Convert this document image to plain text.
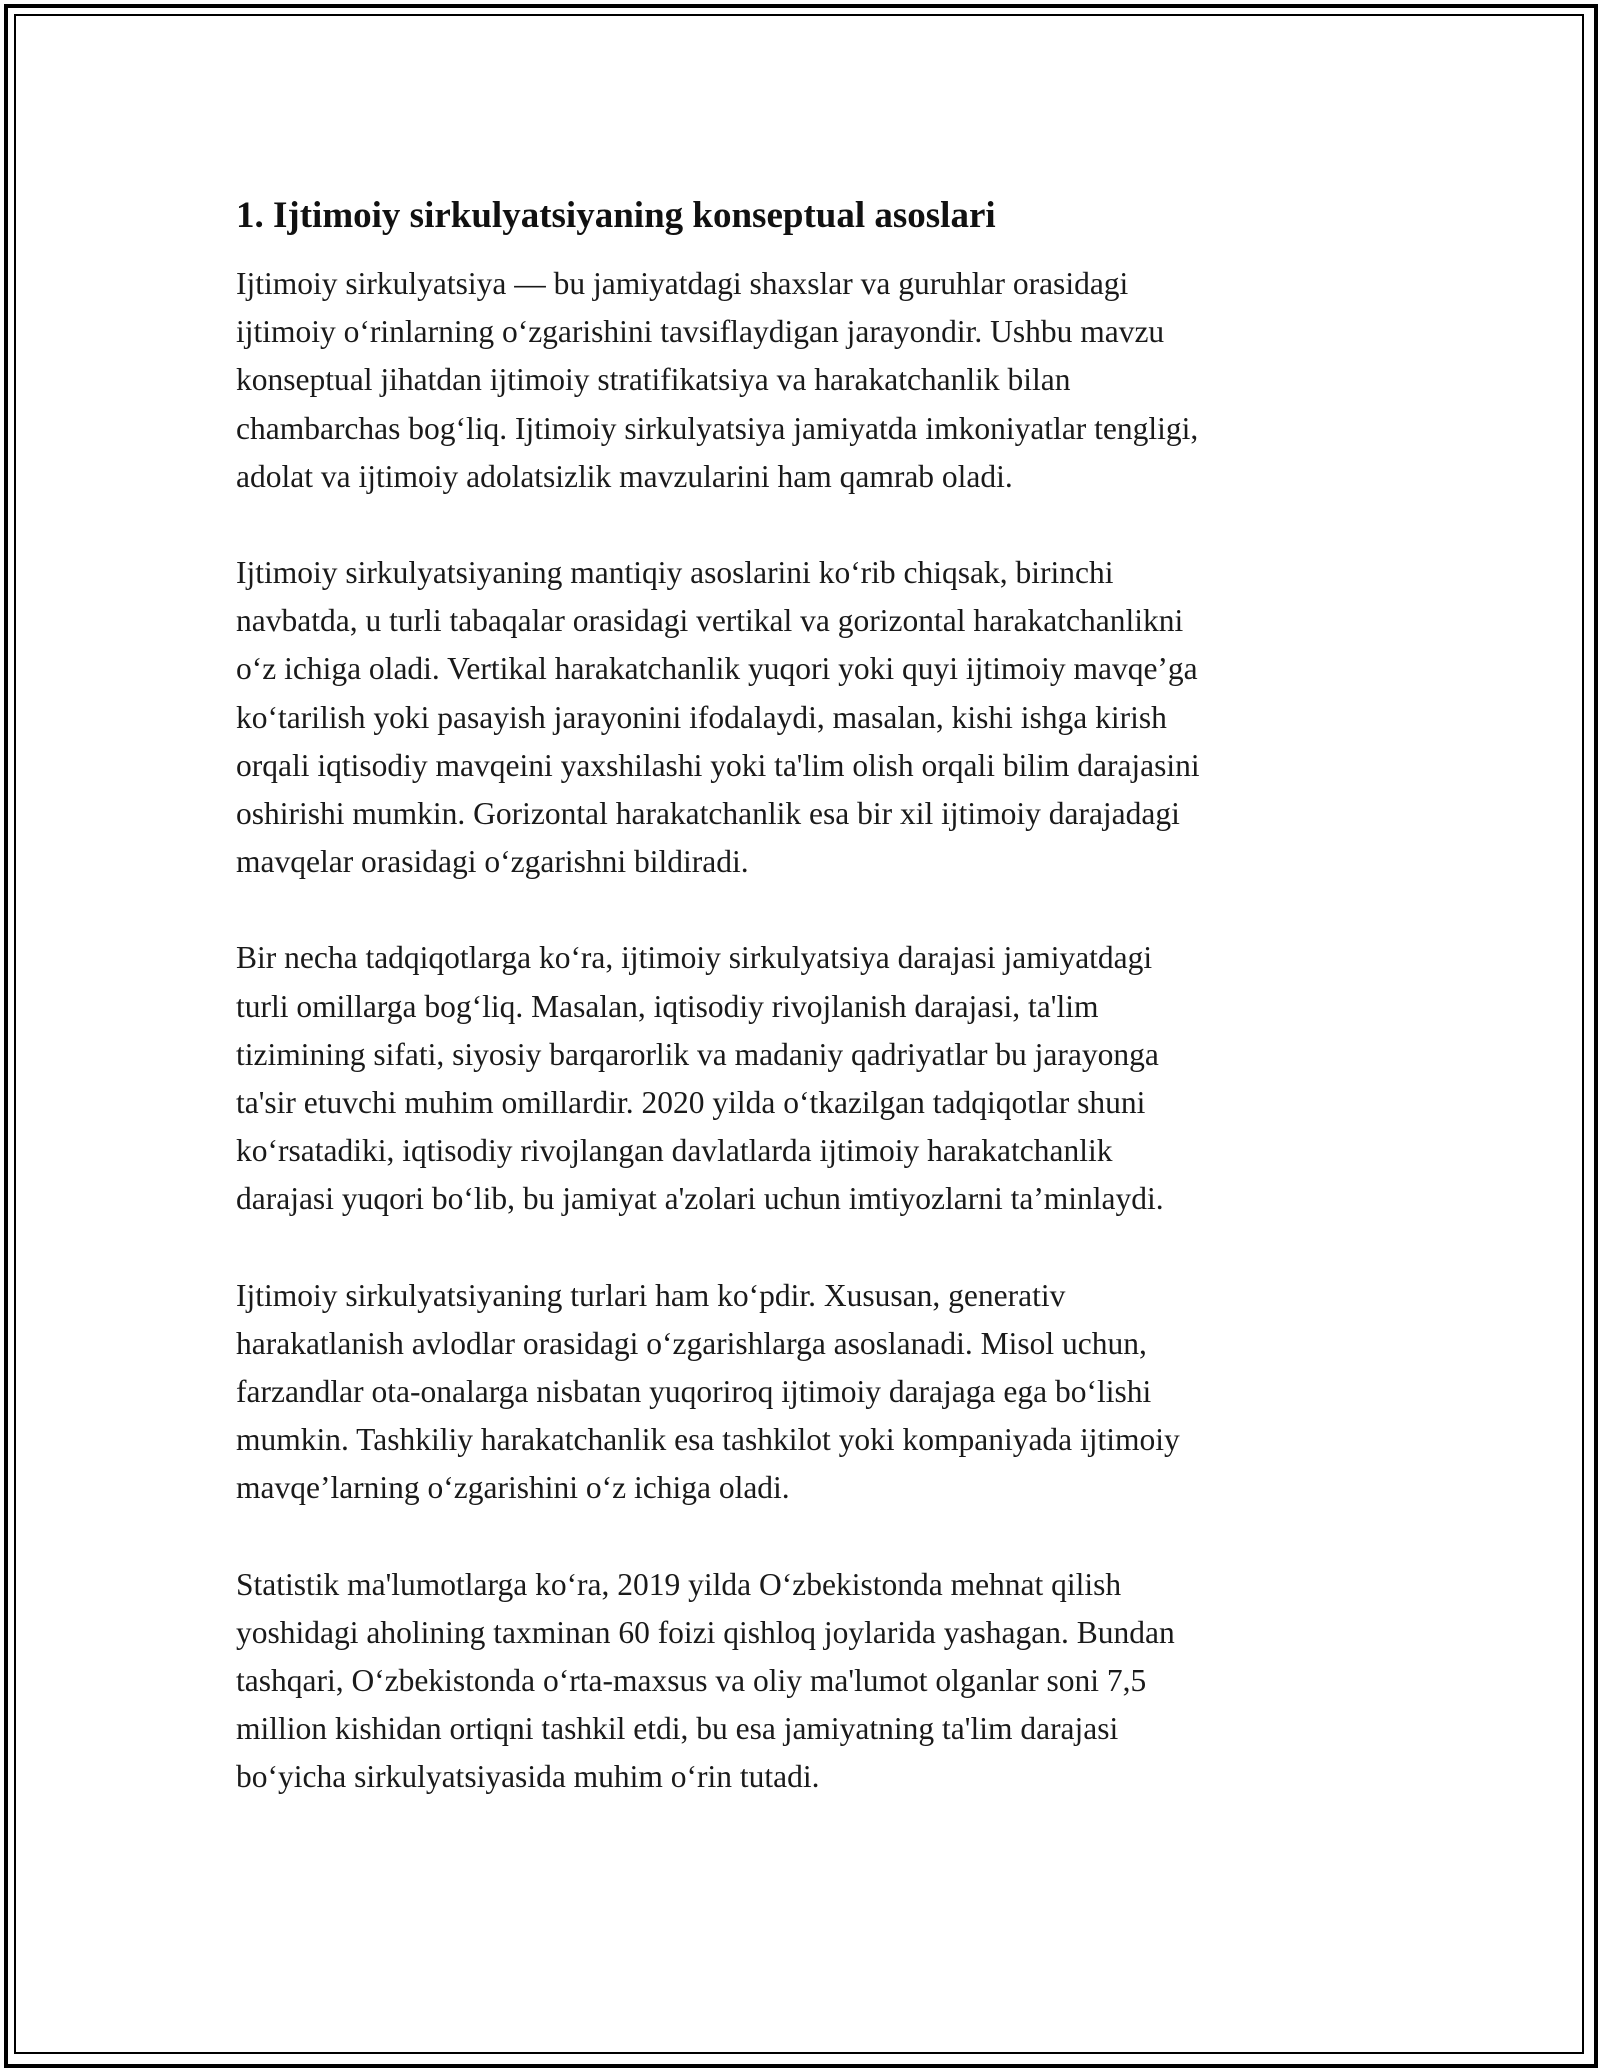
1. Ijtimoiy sirkulyatsiyaning konseptual asoslari

Ijtimoiy sirkulyatsiya — bu jamiyatdagi shaxslar va guruhlar orasidagi
ijtimoiy o‘rinlarning o‘zgarishini tavsiflaydigan jarayondir. Ushbu mavzu
konseptual jihatdan ijtimoiy stratifikatsiya va harakatchanlik bilan
chambarchas bog‘liq. Ijtimoiy sirkulyatsiya jamiyatda imkoniyatlar tengligi,
adolat va ijtimoiy adolatsizlik mavzularini ham qamrab oladi.

Ijtimoiy sirkulyatsiyaning mantiqiy asoslarini ko‘rib chiqsak, birinchi
navbatda, u turli tabaqalar orasidagi vertikal va gorizontal harakatchanlikni
o‘z ichiga oladi. Vertikal harakatchanlik yuqori yoki quyi ijtimoiy mavqe’ga
ko‘tarilish yoki pasayish jarayonini ifodalaydi, masalan, kishi ishga kirish
orqali iqtisodiy mavqeini yaxshilashi yoki ta'lim olish orqali bilim darajasini
oshirishi mumkin. Gorizontal harakatchanlik esa bir xil ijtimoiy darajadagi
mavqelar orasidagi o‘zgarishni bildiradi.

Bir necha tadqiqotlarga ko‘ra, ijtimoiy sirkulyatsiya darajasi jamiyatdagi
turli omillarga bog‘liq. Masalan, iqtisodiy rivojlanish darajasi, ta'lim
tizimining sifati, siyosiy barqarorlik va madaniy qadriyatlar bu jarayonga
ta'sir etuvchi muhim omillardir. 2020 yilda o‘tkazilgan tadqiqotlar shuni
ko‘rsatadiki, iqtisodiy rivojlangan davlatlarda ijtimoiy harakatchanlik
darajasi yuqori bo‘lib, bu jamiyat a'zolari uchun imtiyozlarni ta’minlaydi.

Ijtimoiy sirkulyatsiyaning turlari ham ko‘pdir. Xususan, generativ
harakatlanish avlodlar orasidagi o‘zgarishlarga asoslanadi. Misol uchun,
farzandlar ota-onalarga nisbatan yuqoriroq ijtimoiy darajaga ega bo‘lishi
mumkin. Tashkiliy harakatchanlik esa tashkilot yoki kompaniyada ijtimoiy
mavqe’larning o‘zgarishini o‘z ichiga oladi.

Statistik ma'lumotlarga ko‘ra, 2019 yilda O‘zbekistonda mehnat qilish
yoshidagi aholining taxminan 60 foizi qishloq joylarida yashagan. Bundan
tashqari, O‘zbekistonda o‘rta-maxsus va oliy ma'lumot olganlar soni 7,5
million kishidan ortiqni tashkil etdi, bu esa jamiyatning ta'lim darajasi
bo‘yicha sirkulyatsiyasida muhim o‘rin tutadi.
